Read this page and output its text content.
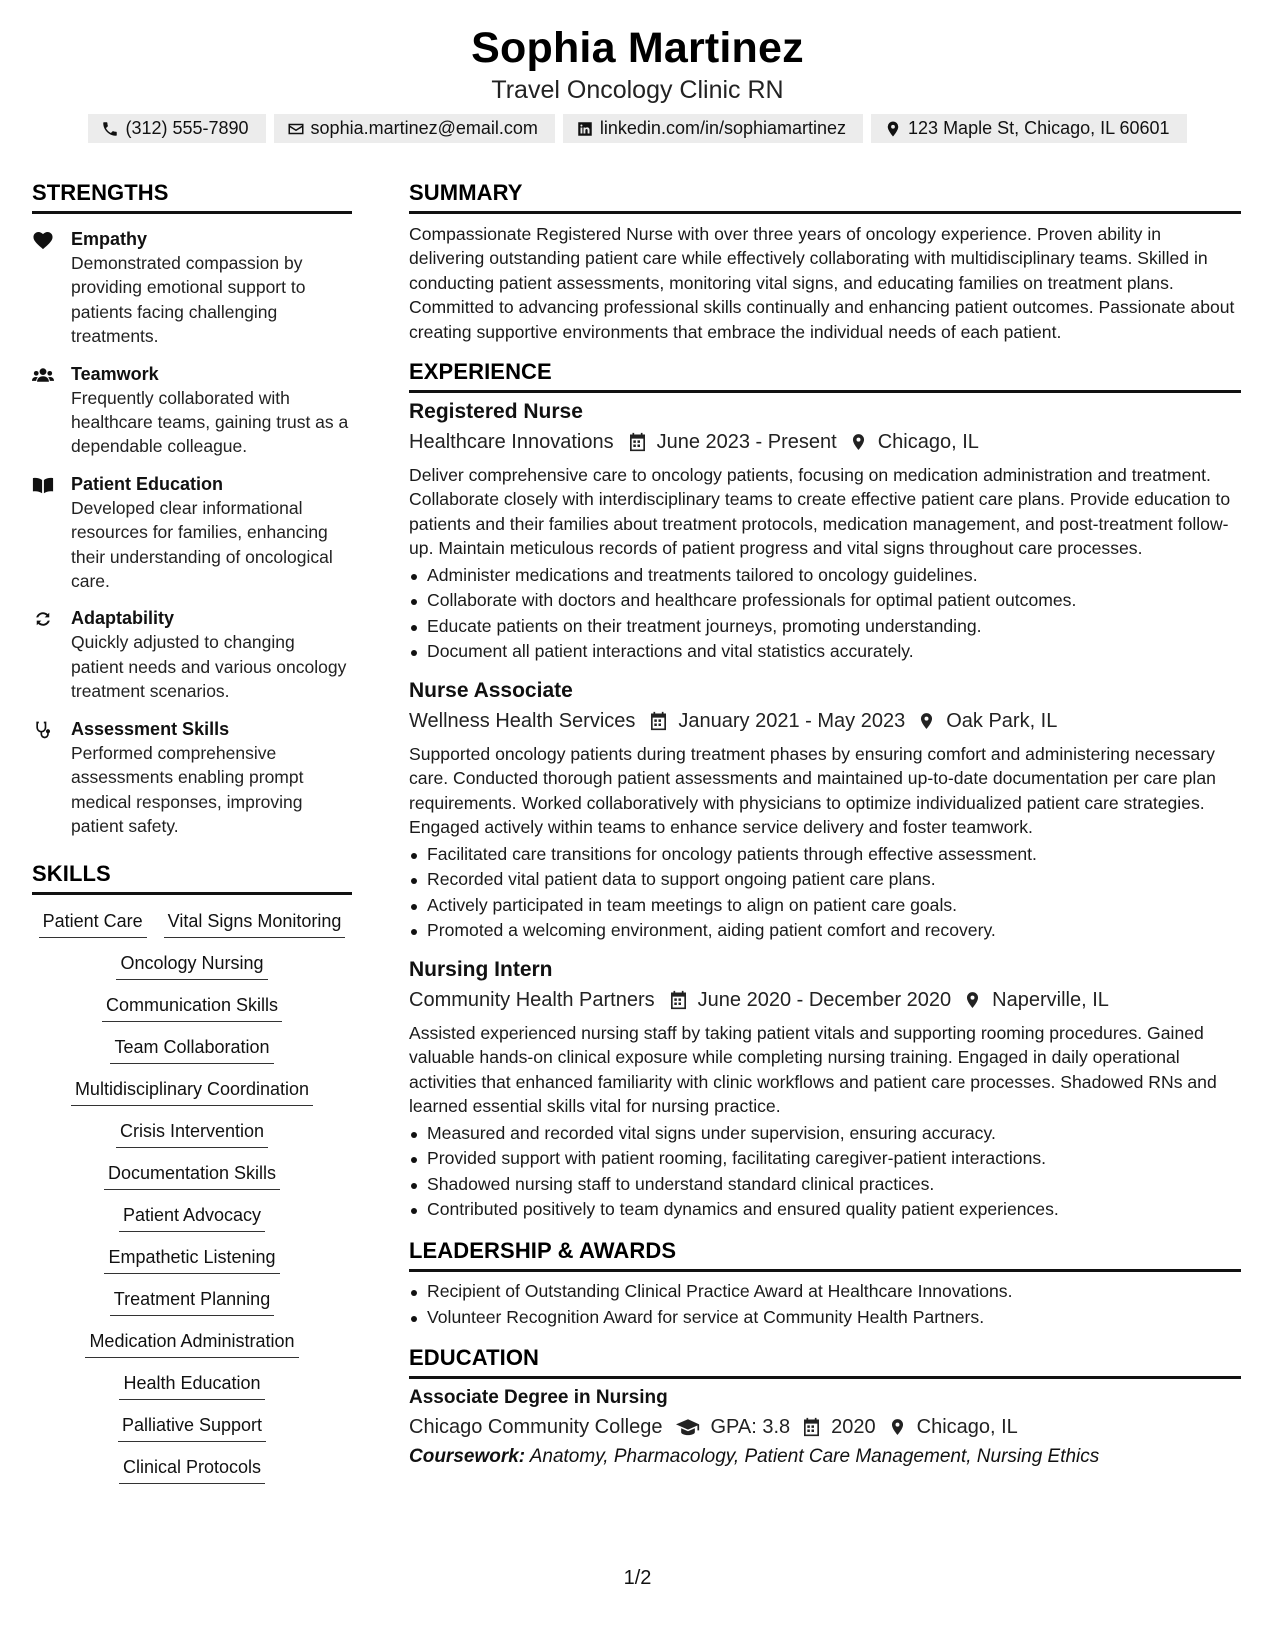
Sophia Martinez
Travel Oncology Clinic RN
(312) 555-7890	sophia.martinez@email.com	linkedin.com/in/sophiamartinez	123 Maple St, Chicago, IL 60601
STRENGTHS
Empathy
Demonstrated compassion by providing emotional support to patients facing challenging treatments.
Teamwork
Frequently collaborated with healthcare teams, gaining trust as a dependable colleague.
Patient Education
Developed clear informational resources for families, enhancing their understanding of oncological care.
Adaptability
Quickly adjusted to changing patient needs and various oncology treatment scenarios.
Assessment Skills
Performed comprehensive assessments enabling prompt medical responses, improving patient safety.
SKILLS
Patient Care Vital Signs Monitoring
Oncology Nursing
Communication Skills
Team Collaboration
Multidisciplinary Coordination
Crisis Intervention
Documentation Skills
Patient Advocacy
Empathetic Listening
Treatment Planning
Medication Administration
Health Education
Palliative Support
Clinical Protocols
SUMMARY
Compassionate Registered Nurse with over three years of oncology experience. Proven ability in delivering outstanding patient care while effectively collaborating with multidisciplinary teams. Skilled in conducting patient assessments, monitoring vital signs, and educating families on treatment plans. Committed to advancing professional skills continually and enhancing patient outcomes. Passionate about creating supportive environments that embrace the individual needs of each patient.
EXPERIENCE
Registered Nurse
Healthcare Innovations June 2023 - Present Chicago, IL
Deliver comprehensive care to oncology patients, focusing on medication administration and treatment. Collaborate closely with interdisciplinary teams to create effective patient care plans. Provide education to patients and their families about treatment protocols, medication management, and post-treatment follow-up. Maintain meticulous records of patient progress and vital signs throughout care processes.
Administer medications and treatments tailored to oncology guidelines.
Collaborate with doctors and healthcare professionals for optimal patient outcomes.
Educate patients on their treatment journeys, promoting understanding.
Document all patient interactions and vital statistics accurately.
Nurse Associate
Wellness Health Services January 2021 - May 2023 Oak Park, IL
Supported oncology patients during treatment phases by ensuring comfort and administering necessary care. Conducted thorough patient assessments and maintained up-to-date documentation per care plan requirements. Worked collaboratively with physicians to optimize individualized patient care strategies. Engaged actively within teams to enhance service delivery and foster teamwork.
Facilitated care transitions for oncology patients through effective assessment.
Recorded vital patient data to support ongoing patient care plans.
Actively participated in team meetings to align on patient care goals.
Promoted a welcoming environment, aiding patient comfort and recovery.
Nursing Intern
Community Health Partners June 2020 - December 2020 Naperville, IL
Assisted experienced nursing staff by taking patient vitals and supporting rooming procedures. Gained valuable hands-on clinical exposure while completing nursing training. Engaged in daily operational activities that enhanced familiarity with clinic workflows and patient care processes. Shadowed RNs and learned essential skills vital for nursing practice.
Measured and recorded vital signs under supervision, ensuring accuracy.
Provided support with patient rooming, facilitating caregiver-patient interactions.
Shadowed nursing staff to understand standard clinical practices.
Contributed positively to team dynamics and ensured quality patient experiences.
LEADERSHIP & AWARDS
Recipient of Outstanding Clinical Practice Award at Healthcare Innovations.
Volunteer Recognition Award for service at Community Health Partners.
EDUCATION
Associate Degree in Nursing
Chicago Community College GPA: 3.8 2020 Chicago, IL
Coursework: Anatomy, Pharmacology, Patient Care Management, Nursing Ethics
1/2
